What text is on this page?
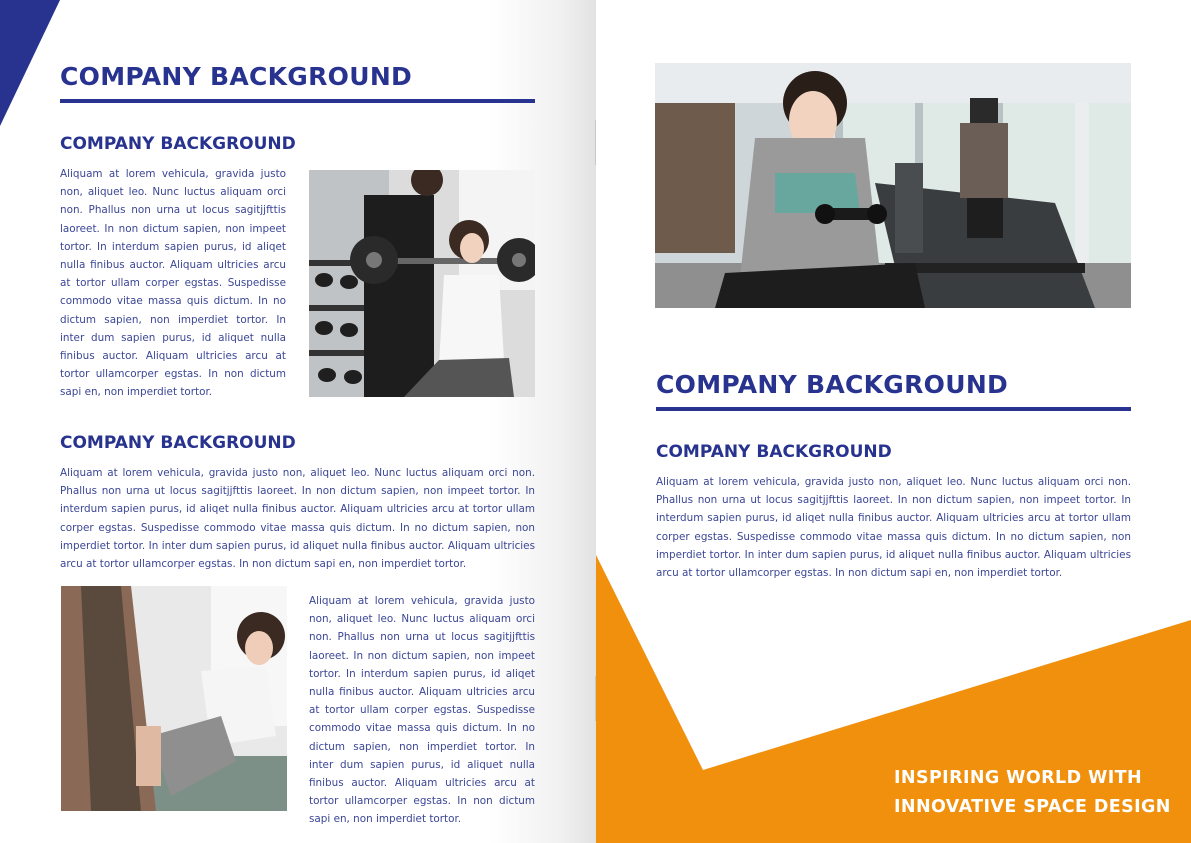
COMPANY BACKGROUND
COMPANY BACKGROUND

Aliquam at lorem vehicula, gravida justo non, aliquet leo. Nunc luctus aliquam orci non. Phallus non urna ut locus sagitjjfttis laoreet. In non dictum sapien, non impeet tortor. In interdum sapien purus, id aliqet nulla finibus auctor. Aliquam ultricies arcu at tortor ullam corper egstas. Suspedisse commodo vitae massa quis dictum. In no dictum sapien, non imperdiet tortor. In inter dum sapien purus, id aliquet nulla finibus auctor. Aliquam ultricies arcu at tortor ullamcorper egstas. In non dictum sapi en, non imperdiet tortor.

COMPANY BACKGROUND

Aliquam at lorem vehicula, gravida justo non, aliquet leo. Nunc luctus aliquam orci non. Phallus non urna ut locus sagitjjfttis laoreet. In non dictum sapien, non impeet tortor. In interdum sapien purus, id aliqet nulla finibus auctor. Aliquam ultricies arcu at tortor ullam corper egstas. Suspedisse commodo vitae massa quis dictum. In no dictum sapien, non imperdiet tortor. In inter dum sapien purus, id aliquet nulla finibus auctor. Aliquam ultricies arcu at tortor ullamcorper egstas. In non dictum sapi en, non imperdiet tortor.

Aliquam at lorem vehicula, gravida justo non, aliquet leo. Nunc luctus aliquam orci non. Phallus non urna ut locus sagitjjfttis laoreet. In non dictum sapien, non impeet tortor. In interdum sapien purus, id aliqet nulla finibus auctor. Aliquam ultricies arcu at tortor ullam corper egstas. Suspedisse commodo vitae massa quis dictum. In no dictum sapien, non imperdiet tortor. In inter dum sapien purus, id aliquet nulla finibus auctor. Aliquam ultricies arcu at tortor ullamcorper egstas. In non dictum sapi en, non imperdiet tortor.

COMPANY BACKGROUND
COMPANY BACKGROUND

Aliquam at lorem vehicula, gravida justo non, aliquet leo. Nunc luctus aliquam orci non. Phallus non urna ut locus sagitjjfttis laoreet. In non dictum sapien, non impeet tortor. In interdum sapien purus, id aliqet nulla finibus auctor. Aliquam ultricies arcu at tortor ullam corper egstas. Suspedisse commodo vitae massa quis dictum. In no dictum sapien, non imperdiet tortor. In inter dum sapien purus, id aliquet nulla finibus auctor. Aliquam ultricies arcu at tortor ullamcorper egstas. In non dictum sapi en, non imperdiet tortor.

INSPIRING WORLD WITH
INNOVATIVE SPACE DESIGN
